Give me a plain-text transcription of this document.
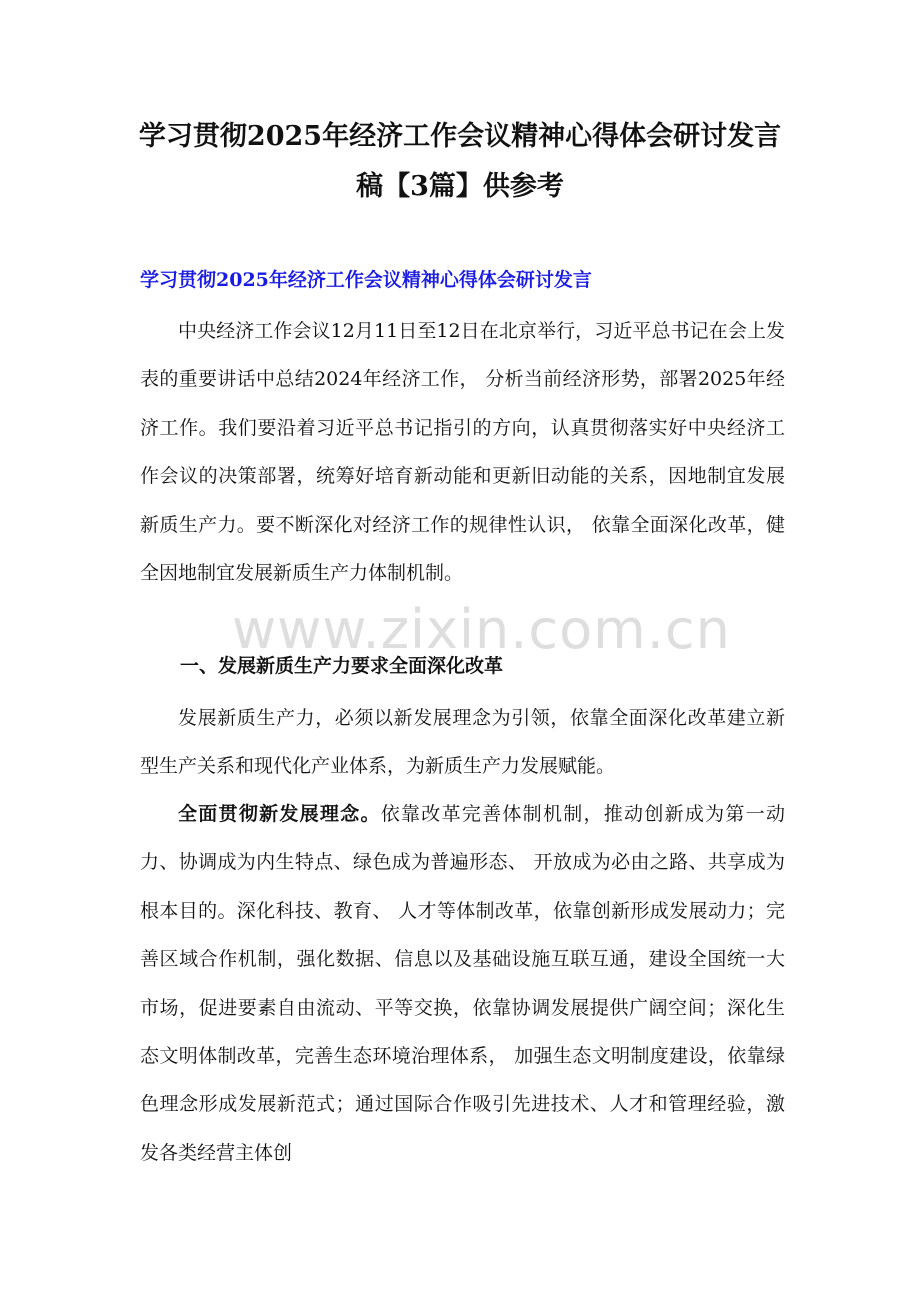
学习贯彻2025年经济工作会议精神心得体会研讨发言稿【3篇】供参考
学习贯彻2025年经济工作会议精神心得体会研讨发言

中央经济工作会议12月11日至12日在北京举行，习近平总书记在会上发表的重要讲话中总结2024年经济工作， 分析当前经济形势，部署2025年经济工作。我们要沿着习近平总书记指引的方向，认真贯彻落实好中央经济工作会议的决策部署，统筹好培育新动能和更新旧动能的关系，因地制宜发展新质生产力。要不断深化对经济工作的规律性认识， 依靠全面深化改革，健全因地制宜发展新质生产力体制机制。

一、发展新质生产力要求全面深化改革

发展新质生产力，必须以新发展理念为引领，依靠全面深化改革建立新型生产关系和现代化产业体系，为新质生产力发展赋能。

全面贯彻新发展理念。依靠改革完善体制机制，推动创新成为第一动力、协调成为内生特点、绿色成为普遍形态、 开放成为必由之路、共享成为根本目的。深化科技、教育、 人才等体制改革，依靠创新形成发展动力；完善区域合作机制，强化数据、信息以及基础设施互联互通，建设全国统一大市场，促进要素自由流动、平等交换，依靠协调发展提供广阔空间；深化生态文明体制改革，完善生态环境治理体系， 加强生态文明制度建设，依靠绿色理念形成发展新范式；通过国际合作吸引先进技术、人才和管理经验，激发各类经营主体创

www.zixin.com.cn
